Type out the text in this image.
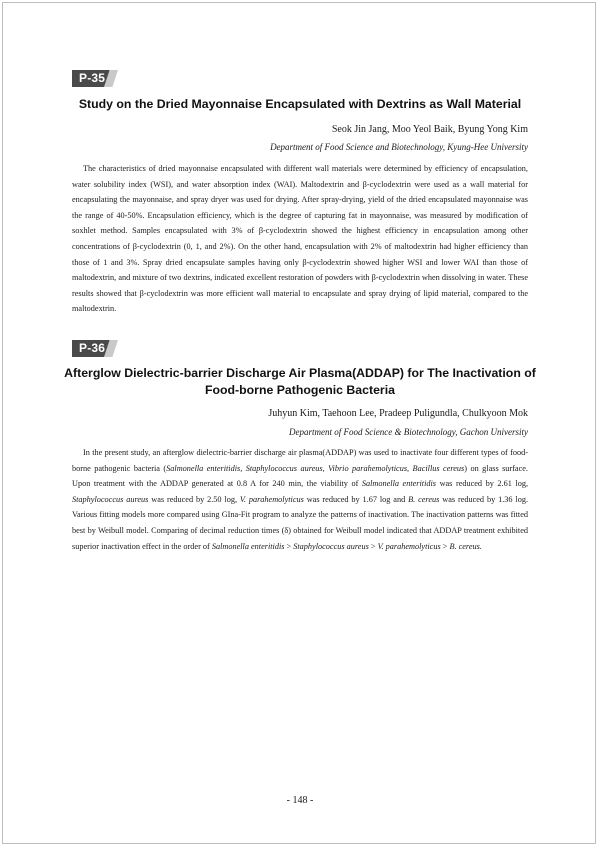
P-35
Study on the Dried Mayonnaise Encapsulated with Dextrins as Wall Material
Seok Jin Jang, Moo Yeol Baik, Byung Yong Kim
Department of Food Science and Biotechnology, Kyung-Hee University

The characteristics of dried mayonnaise encapsulated with different wall materials were determined by efficiency of encapsulation, water solubility index (WSI), and water absorption index (WAI). Maltodextrin and β-cyclodextrin were used as a wall material for encapsulating the mayonnaise, and spray dryer was used for drying. After spray-drying, yield of the dried encapsulated mayonnaise was the range of 40-50%. Encapsulation efficiency, which is the degree of capturing fat in mayonnaise, was measured by modification of soxhlet method. Samples encapsulated with 3% of β-cyclodextrin showed the highest efficiency in encapsulation among other concentrations of β-cyclodextrin (0, 1, and 2%). On the other hand, encapsulation with 2% of maltodextrin had higher efficiency than those of 1 and 3%. Spray dried encapsulate samples having only β-cyclodextrin showed higher WSI and lower WAI than those of maltodextrin, and mixture of two dextrins, indicated excellent restoration of powders with β-cyclodextrin when dissolving in water. These results showed that β-cyclodextrin was more efficient wall material to encapsulate and spray drying of lipid material, compared to the maltodextrin.

P-36
Afterglow Dielectric-barrier Discharge Air Plasma(ADDAP) for The Inactivation of Food-borne Pathogenic Bacteria
Juhyun Kim, Taehoon Lee, Pradeep Puligundla, Chulkyoon Mok
Department of Food Science & Biotechnology, Gachon University

In the present study, an afterglow dielectric-barrier discharge air plasma(ADDAP) was used to inactivate four different types of food-borne pathogenic bacteria (Salmonella enteritidis, Staphylococcus aureus, Vibrio parahemolyticus, Bacillus cereus) on glass surface. Upon treatment with the ADDAP generated at 0.8 A for 240 min, the viability of Salmonella enteritidis was reduced by 2.61 log, Staphylococcus aureus was reduced by 2.50 log, V. parahemolyticus was reduced by 1.67 log and B. cereus was reduced by 1.36 log. Various fitting models more compared using GInа-Fit program to analyze the patterns of inactivation. The inactivation patterns was fitted best by Weibull model. Comparing of decimal reduction times (δ) obtained for Weibull model indicated that ADDAP treatment exhibited superior inactivation effect in the order of Salmonella enteritidis > Staphylococcus aureus > V. parahemolyticus > B. cereus.

- 148 -
